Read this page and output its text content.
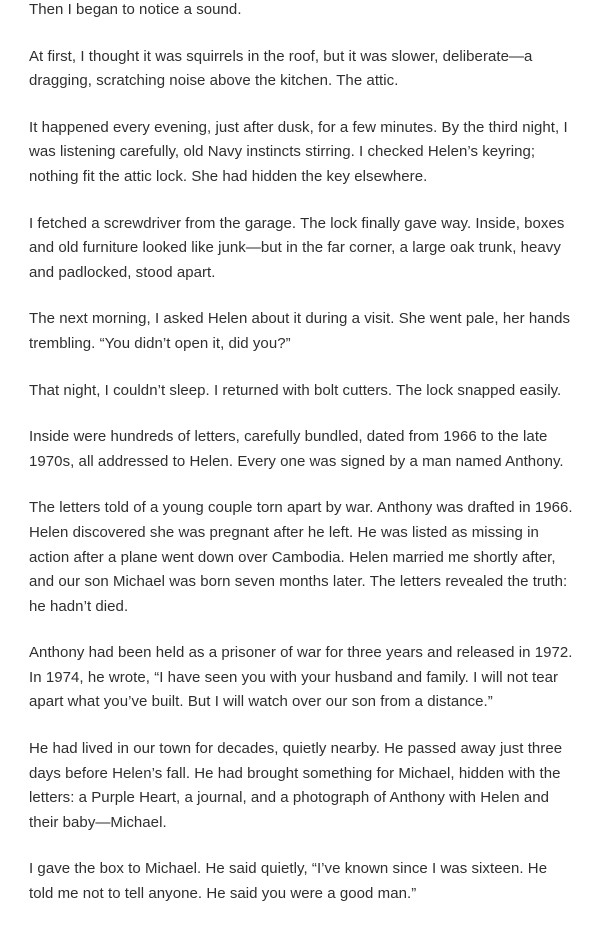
Then I began to notice a sound.

At first, I thought it was squirrels in the roof, but it was slower, deliberate—a dragging, scratching noise above the kitchen. The attic.

It happened every evening, just after dusk, for a few minutes. By the third night, I was listening carefully, old Navy instincts stirring. I checked Helen’s keyring; nothing fit the attic lock. She had hidden the key elsewhere.

I fetched a screwdriver from the garage. The lock finally gave way. Inside, boxes and old furniture looked like junk—but in the far corner, a large oak trunk, heavy and padlocked, stood apart.

The next morning, I asked Helen about it during a visit. She went pale, her hands trembling. “You didn’t open it, did you?”

That night, I couldn’t sleep. I returned with bolt cutters. The lock snapped easily.

Inside were hundreds of letters, carefully bundled, dated from 1966 to the late 1970s, all addressed to Helen. Every one was signed by a man named Anthony.

The letters told of a young couple torn apart by war. Anthony was drafted in 1966. Helen discovered she was pregnant after he left. He was listed as missing in action after a plane went down over Cambodia. Helen married me shortly after, and our son Michael was born seven months later. The letters revealed the truth: he hadn’t died.

Anthony had been held as a prisoner of war for three years and released in 1972. In 1974, he wrote, “I have seen you with your husband and family. I will not tear apart what you’ve built. But I will watch over our son from a distance.”

He had lived in our town for decades, quietly nearby. He passed away just three days before Helen’s fall. He had brought something for Michael, hidden with the letters: a Purple Heart, a journal, and a photograph of Anthony with Helen and their baby—Michael.

I gave the box to Michael. He said quietly, “I’ve known since I was sixteen. He told me not to tell anyone. He said you were a good man.”
